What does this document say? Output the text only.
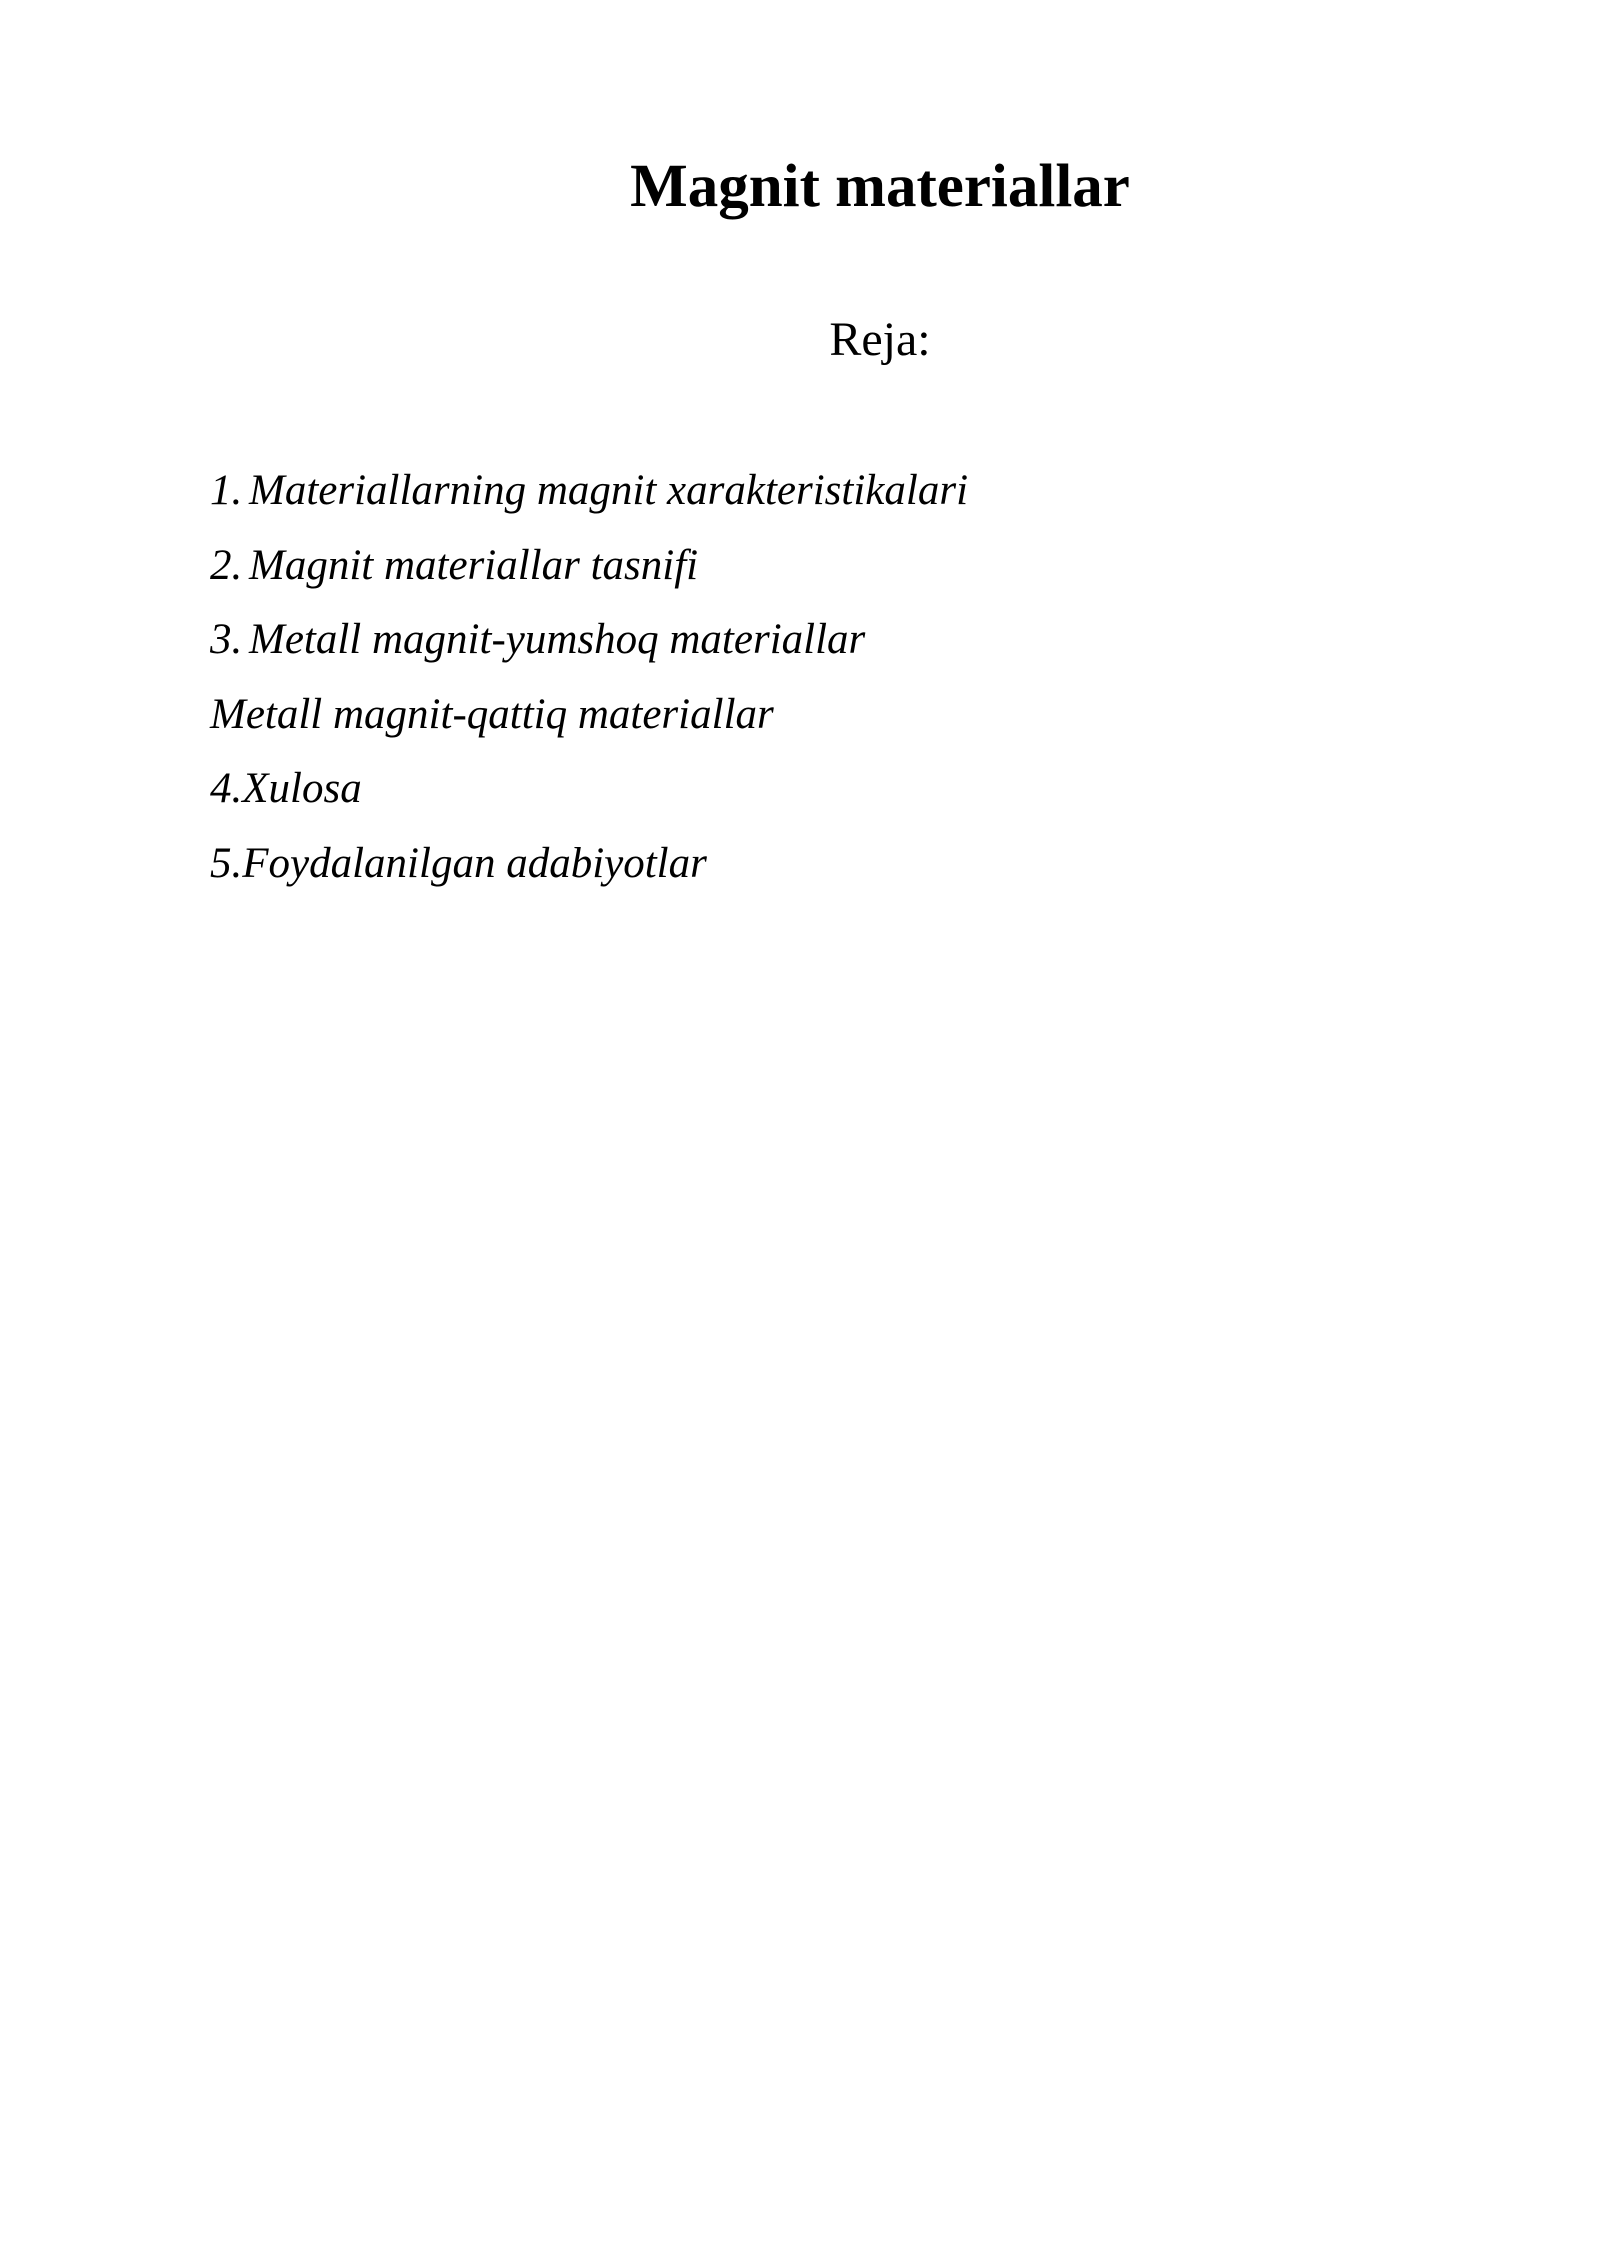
Magnit materiallar

Reja:

1. Materiallarning magnit xarakteristikalari
2. Magnit materiallar tasnifi
3. Metall magnit-yumshoq materiallar
Metall magnit-qattiq materiallar
4. Xulosa
5. Foydalanilgan adabiyotlar
